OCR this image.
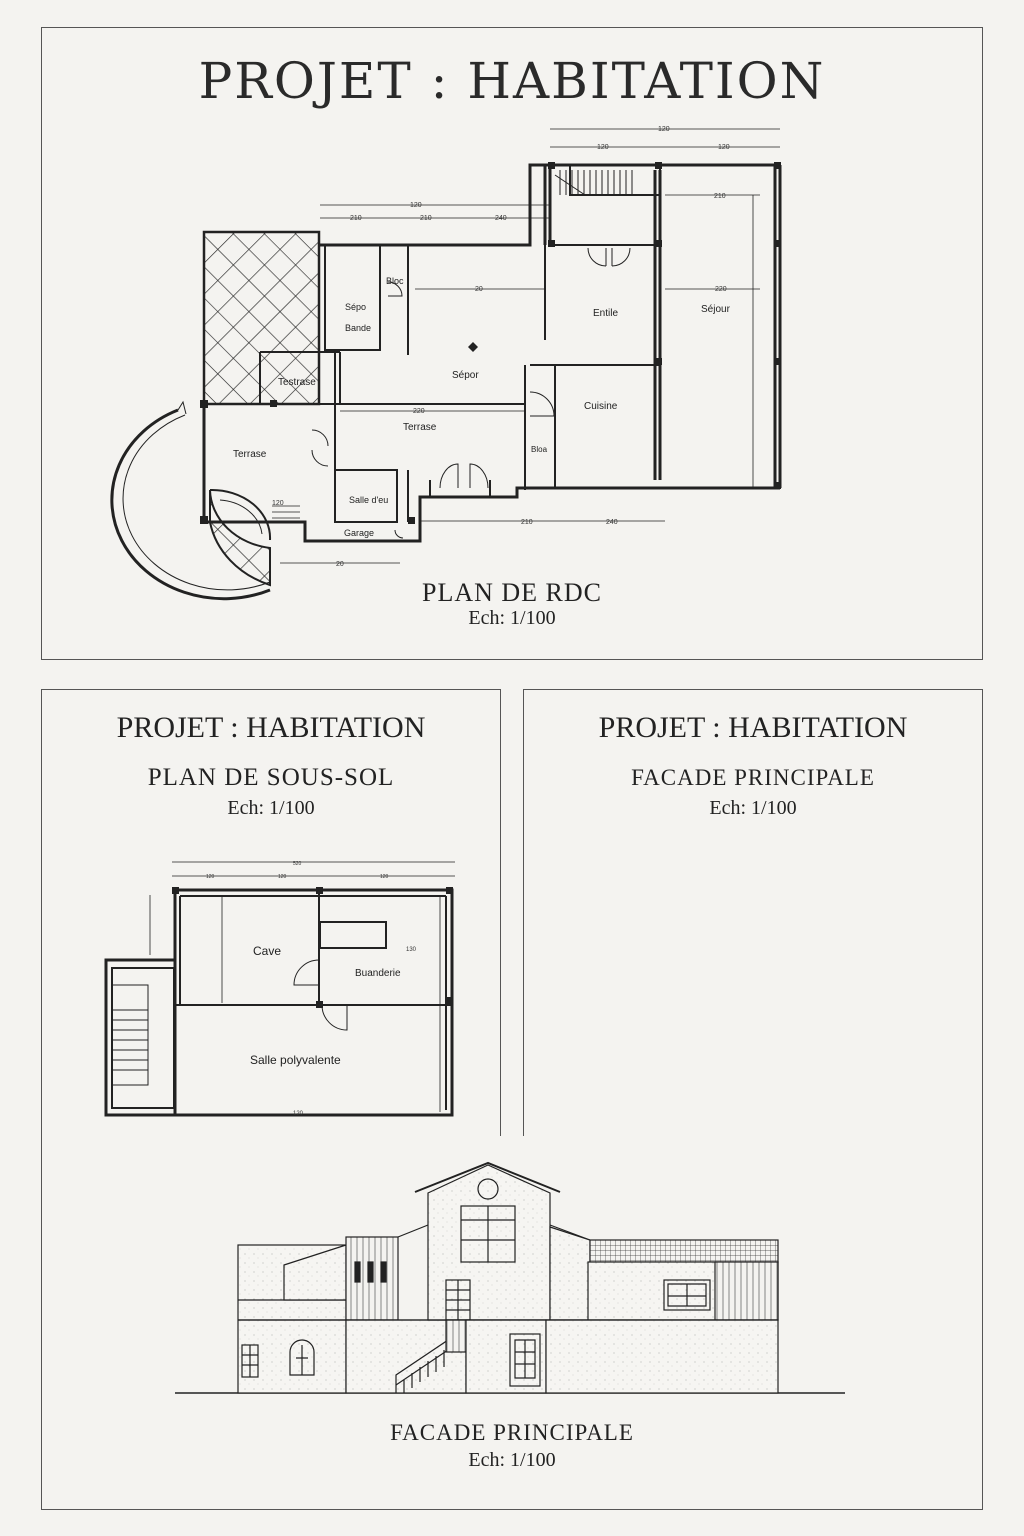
PROJET : HABITATION
PLAN DE RDC
Ech: 1/100
PROJET : HABITATION
PLAN DE SOUS-SOL
Ech: 1/100
PROJET : HABITATION
FACADE PRINCIPALE
Ech: 1/100
FACADE PRINCIPALE
Ech: 1/100
Bloc
Sépo
Bande
Sépor
Entile	Séjour
Testrase
Terrase
Terrase
Cuisine
Bloa
Salle d'eu
Garage
120
120	120
120
210	210	240
210
20	220
220
120
210	240
20
Cave
Buanderie
Salle polyvalente
120
520
120	120
130
120
